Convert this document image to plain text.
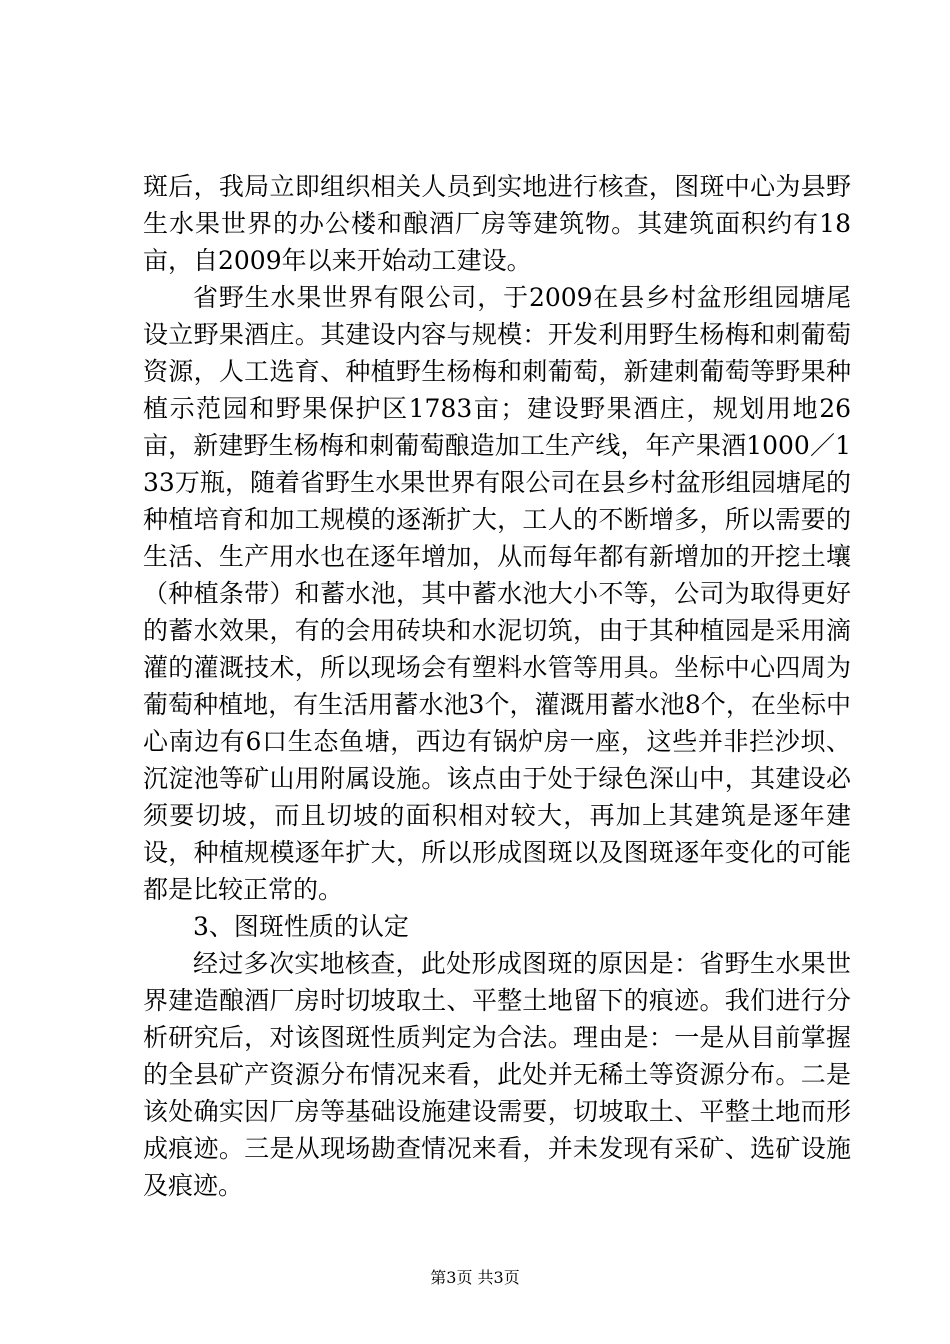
斑后，我局立即组织相关人员到实地进行核查，图斑中心为县野生水果世界的办公楼和酿酒厂房等建筑物。其建筑面积约有18亩，自2009年以来开始动工建设。

省野生水果世界有限公司，于2009在县乡村盆形组园塘尾设立野果酒庄。其建设内容与规模：开发利用野生杨梅和刺葡萄资源，人工选育、种植野生杨梅和刺葡萄，新建刺葡萄等野果种植示范园和野果保护区1783亩；建设野果酒庄，规划用地26亩，新建野生杨梅和刺葡萄酿造加工生产线，年产果酒1000／133万瓶，随着省野生水果世界有限公司在县乡村盆形组园塘尾的种植培育和加工规模的逐渐扩大，工人的不断增多，所以需要的生活、生产用水也在逐年增加，从而每年都有新增加的开挖土壤（种植条带）和蓄水池，其中蓄水池大小不等，公司为取得更好的蓄水效果，有的会用砖块和水泥切筑，由于其种植园是采用滴灌的灌溉技术，所以现场会有塑料水管等用具。坐标中心四周为葡萄种植地，有生活用蓄水池3个，灌溉用蓄水池8个，在坐标中心南边有6口生态鱼塘，西边有锅炉房一座，这些并非拦沙坝、沉淀池等矿山用附属设施。该点由于处于绿色深山中，其建设必须要切坡，而且切坡的面积相对较大，再加上其建筑是逐年建设，种植规模逐年扩大，所以形成图斑以及图斑逐年变化的可能都是比较正常的。

3、图斑性质的认定

经过多次实地核查，此处形成图斑的原因是：省野生水果世界建造酿酒厂房时切坡取土、平整土地留下的痕迹。我们进行分析研究后，对该图斑性质判定为合法。理由是：一是从目前掌握的全县矿产资源分布情况来看，此处并无稀土等资源分布。二是该处确实因厂房等基础设施建设需要，切坡取土、平整土地而形成痕迹。三是从现场勘查情况来看，并未发现有采矿、选矿设施及痕迹。

第3页 共3页
